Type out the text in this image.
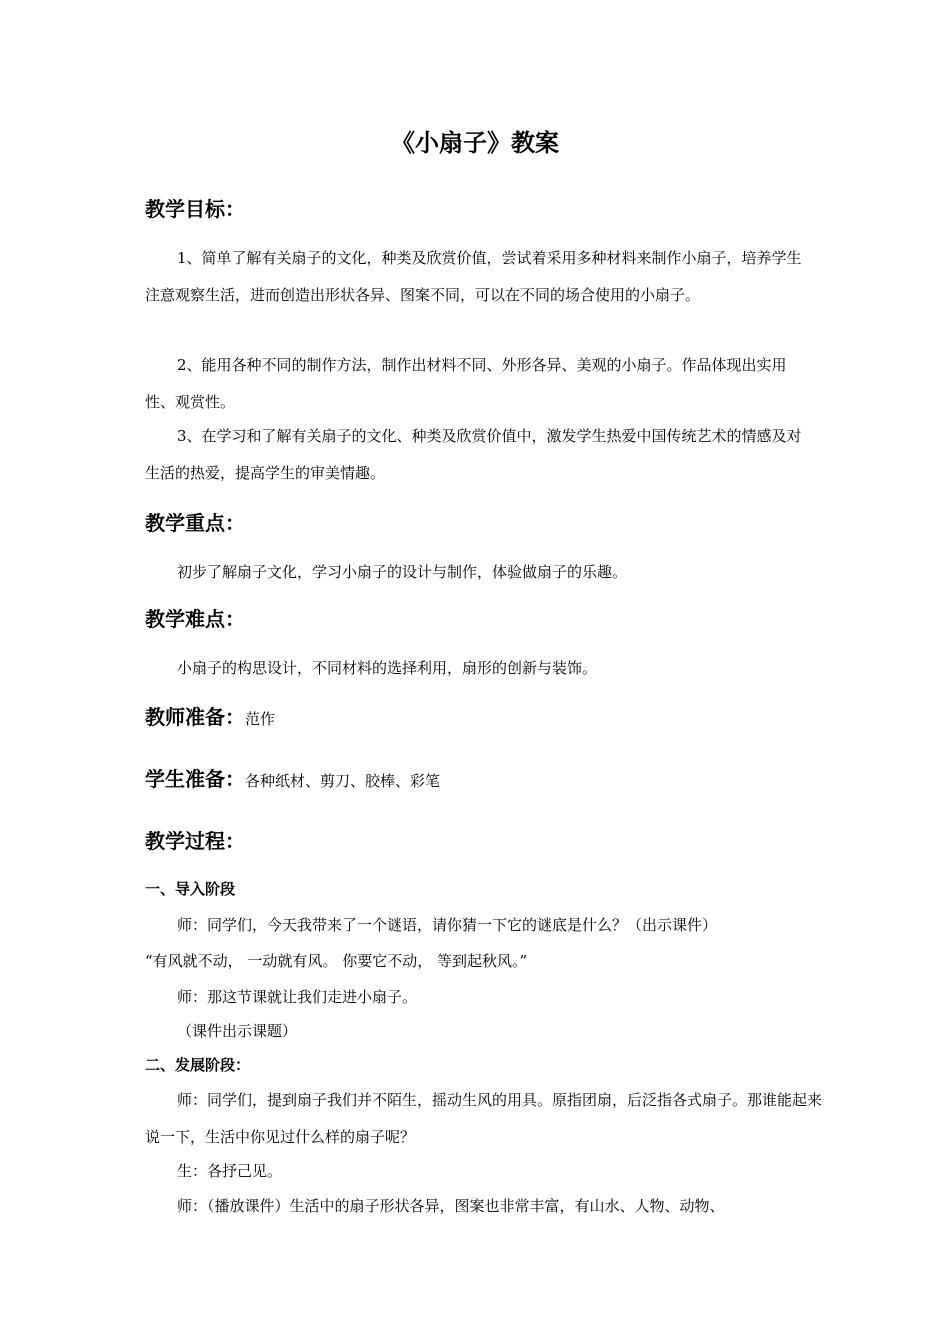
《小扇子》教案
教学目标：
1、简单了解有关扇子的文化，种类及欣赏价值，尝试着采用多种材料来制作小扇子，培养学生注意观察生活，进而创造出形状各异、图案不同，可以在不同的场合使用的小扇子。
2、能用各种不同的制作方法，制作出材料不同、外形各异、美观的小扇子。作品体现出实用性、观赏性。
3、在学习和了解有关扇子的文化、种类及欣赏价值中，激发学生热爱中国传统艺术的情感及对生活的热爱，提高学生的审美情趣。
教学重点：
初步了解扇子文化，学习小扇子的设计与制作，体验做扇子的乐趣。
教学难点：
小扇子的构思设计，不同材料的选择利用，扇形的创新与装饰。
教师准备：范作
学生准备：各种纸材、剪刀、胶棒、彩笔
教学过程：
一、导入阶段
师：同学们，今天我带来了一个谜语，请你猜一下它的谜底是什么？（出示课件）
“有风就不动， 一动就有风。 你要它不动， 等到起秋风。”
师：那这节课就让我们走进小扇子。
（课件出示课题）
二、发展阶段：
师：同学们，提到扇子我们并不陌生，摇动生风的用具。原指团扇，后泛指各式扇子。那谁能起来说一下，生活中你见过什么样的扇子呢？
生：各抒己见。
师：（播放课件）生活中的扇子形状各异，图案也非常丰富，有山水、人物、动物、
